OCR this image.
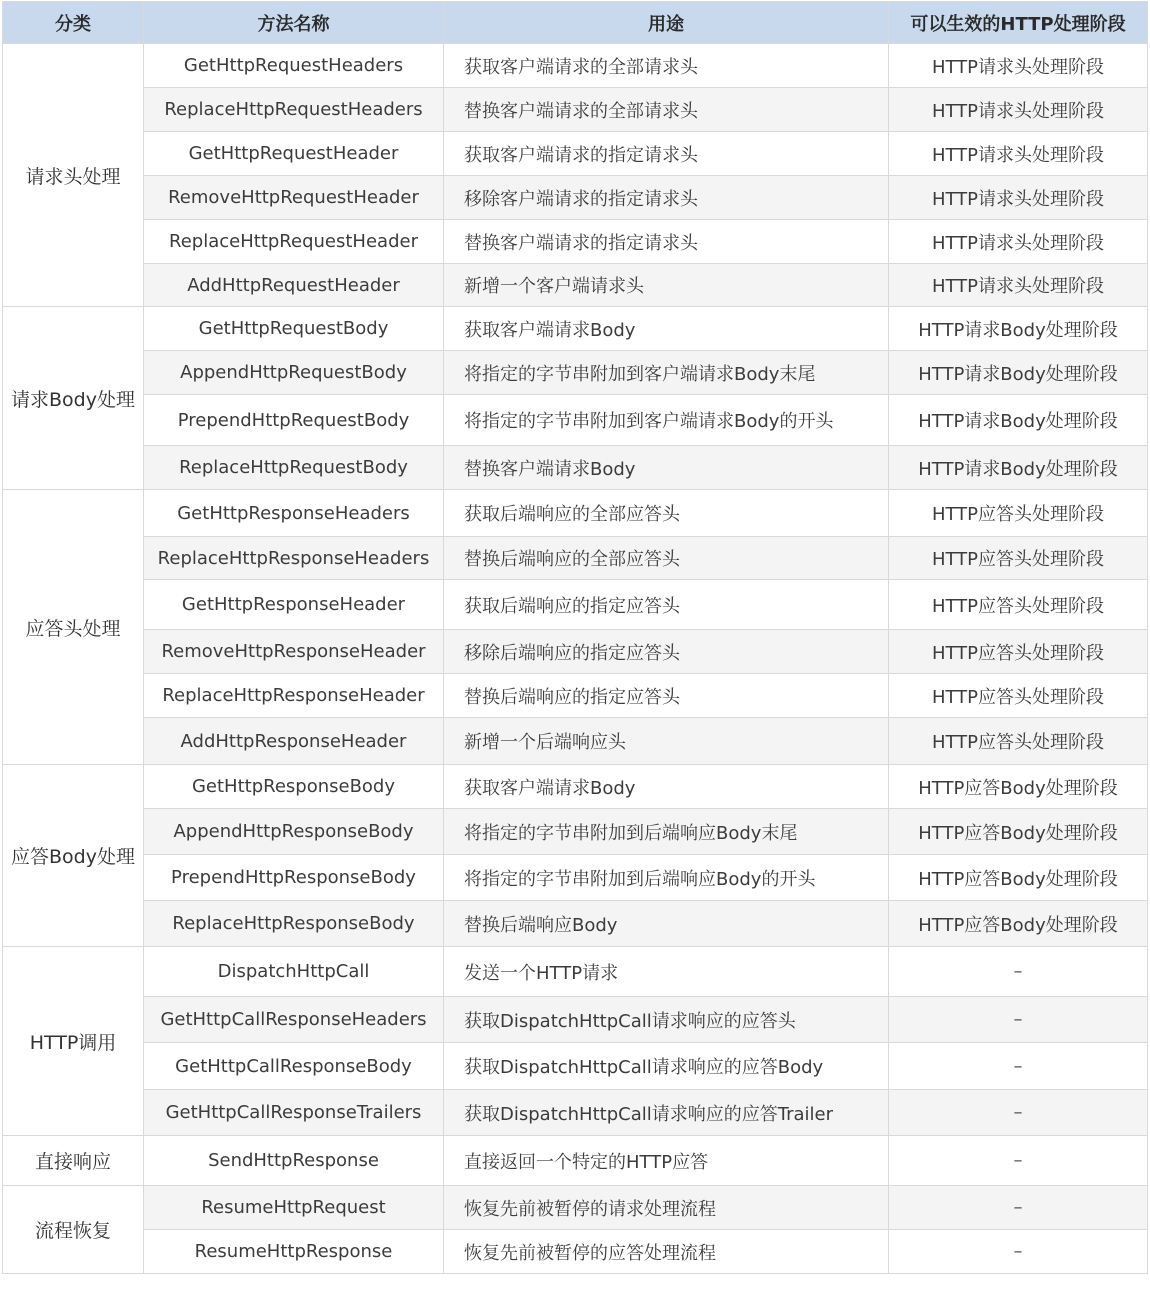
分类	方法名称	用途	可以生效的HTTP处理阶段
请求头处理	GetHttpRequestHeaders	获取客户端请求的全部请求头	HTTP请求头处理阶段
	ReplaceHttpRequestHeaders	替换客户端请求的全部请求头	HTTP请求头处理阶段
	GetHttpRequestHeader	获取客户端请求的指定请求头	HTTP请求头处理阶段
	RemoveHttpRequestHeader	移除客户端请求的指定请求头	HTTP请求头处理阶段
	ReplaceHttpRequestHeader	替换客户端请求的指定请求头	HTTP请求头处理阶段
	AddHttpRequestHeader	新增一个客户端请求头	HTTP请求头处理阶段
请求Body处理	GetHttpRequestBody	获取客户端请求Body	HTTP请求Body处理阶段
	AppendHttpRequestBody	将指定的字节串附加到客户端请求Body末尾	HTTP请求Body处理阶段
	PrependHttpRequestBody	将指定的字节串附加到客户端请求Body的开头	HTTP请求Body处理阶段
	ReplaceHttpRequestBody	替换客户端请求Body	HTTP请求Body处理阶段
应答头处理	GetHttpResponseHeaders	获取后端响应的全部应答头	HTTP应答头处理阶段
	ReplaceHttpResponseHeaders	替换后端响应的全部应答头	HTTP应答头处理阶段
	GetHttpResponseHeader	获取后端响应的指定应答头	HTTP应答头处理阶段
	RemoveHttpResponseHeader	移除后端响应的指定应答头	HTTP应答头处理阶段
	ReplaceHttpResponseHeader	替换后端响应的指定应答头	HTTP应答头处理阶段
	AddHttpResponseHeader	新增一个后端响应头	HTTP应答头处理阶段
应答Body处理	GetHttpResponseBody	获取客户端请求Body	HTTP应答Body处理阶段
	AppendHttpResponseBody	将指定的字节串附加到后端响应Body末尾	HTTP应答Body处理阶段
	PrependHttpResponseBody	将指定的字节串附加到后端响应Body的开头	HTTP应答Body处理阶段
	ReplaceHttpResponseBody	替换后端响应Body	HTTP应答Body处理阶段
HTTP调用	DispatchHttpCall	发送一个HTTP请求	–
	GetHttpCallResponseHeaders	获取DispatchHttpCall请求响应的应答头	–
	GetHttpCallResponseBody	获取DispatchHttpCall请求响应的应答Body	–
	GetHttpCallResponseTrailers	获取DispatchHttpCall请求响应的应答Trailer	–
直接响应	SendHttpResponse	直接返回一个特定的HTTP应答	–
流程恢复	ResumeHttpRequest	恢复先前被暂停的请求处理流程	–
	ResumeHttpResponse	恢复先前被暂停的应答处理流程	–
